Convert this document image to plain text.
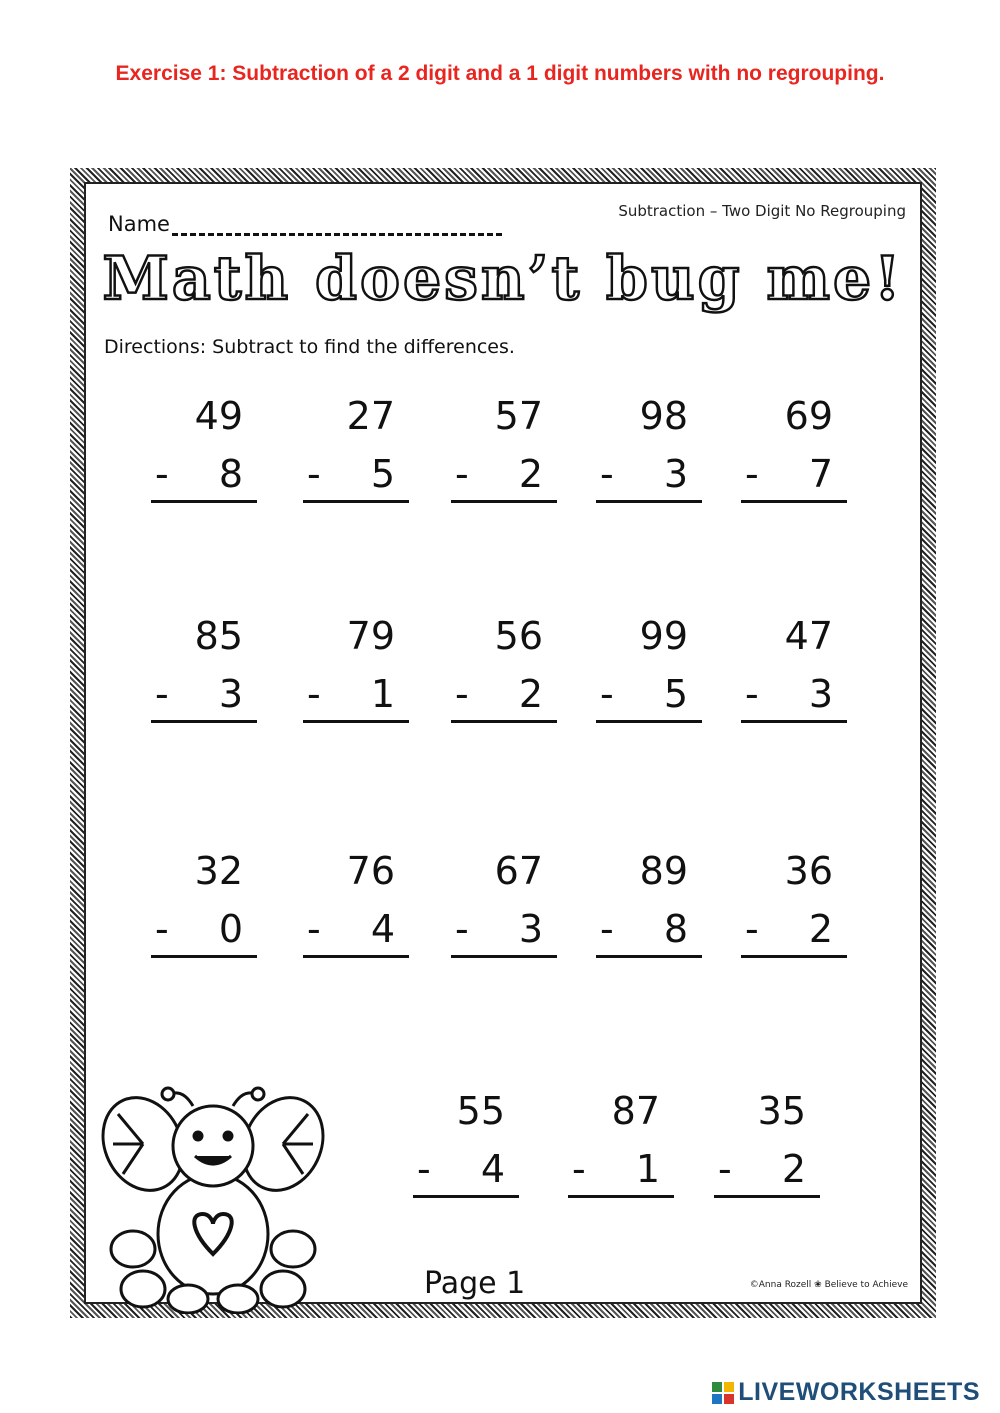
Exercise 1: Subtraction of a 2 digit and a 1 digit numbers with no regrouping.
Subtraction – Two Digit No Regrouping
Name
Math doesn’t bug me!
Directions: Subtract to find the differences.
49
- 8
27
- 5
57
- 2
98
- 3
69
- 7
85
- 3
79
- 1
56
- 2
99
- 5
47
- 3
32
- 0
76
- 4
67
- 3
89
- 8
36
- 2
55
- 4
87
- 1
35
- 2
Page 1	©Anna Rozell ❀ Believe to Achieve
LIVEWORKSHEETS
